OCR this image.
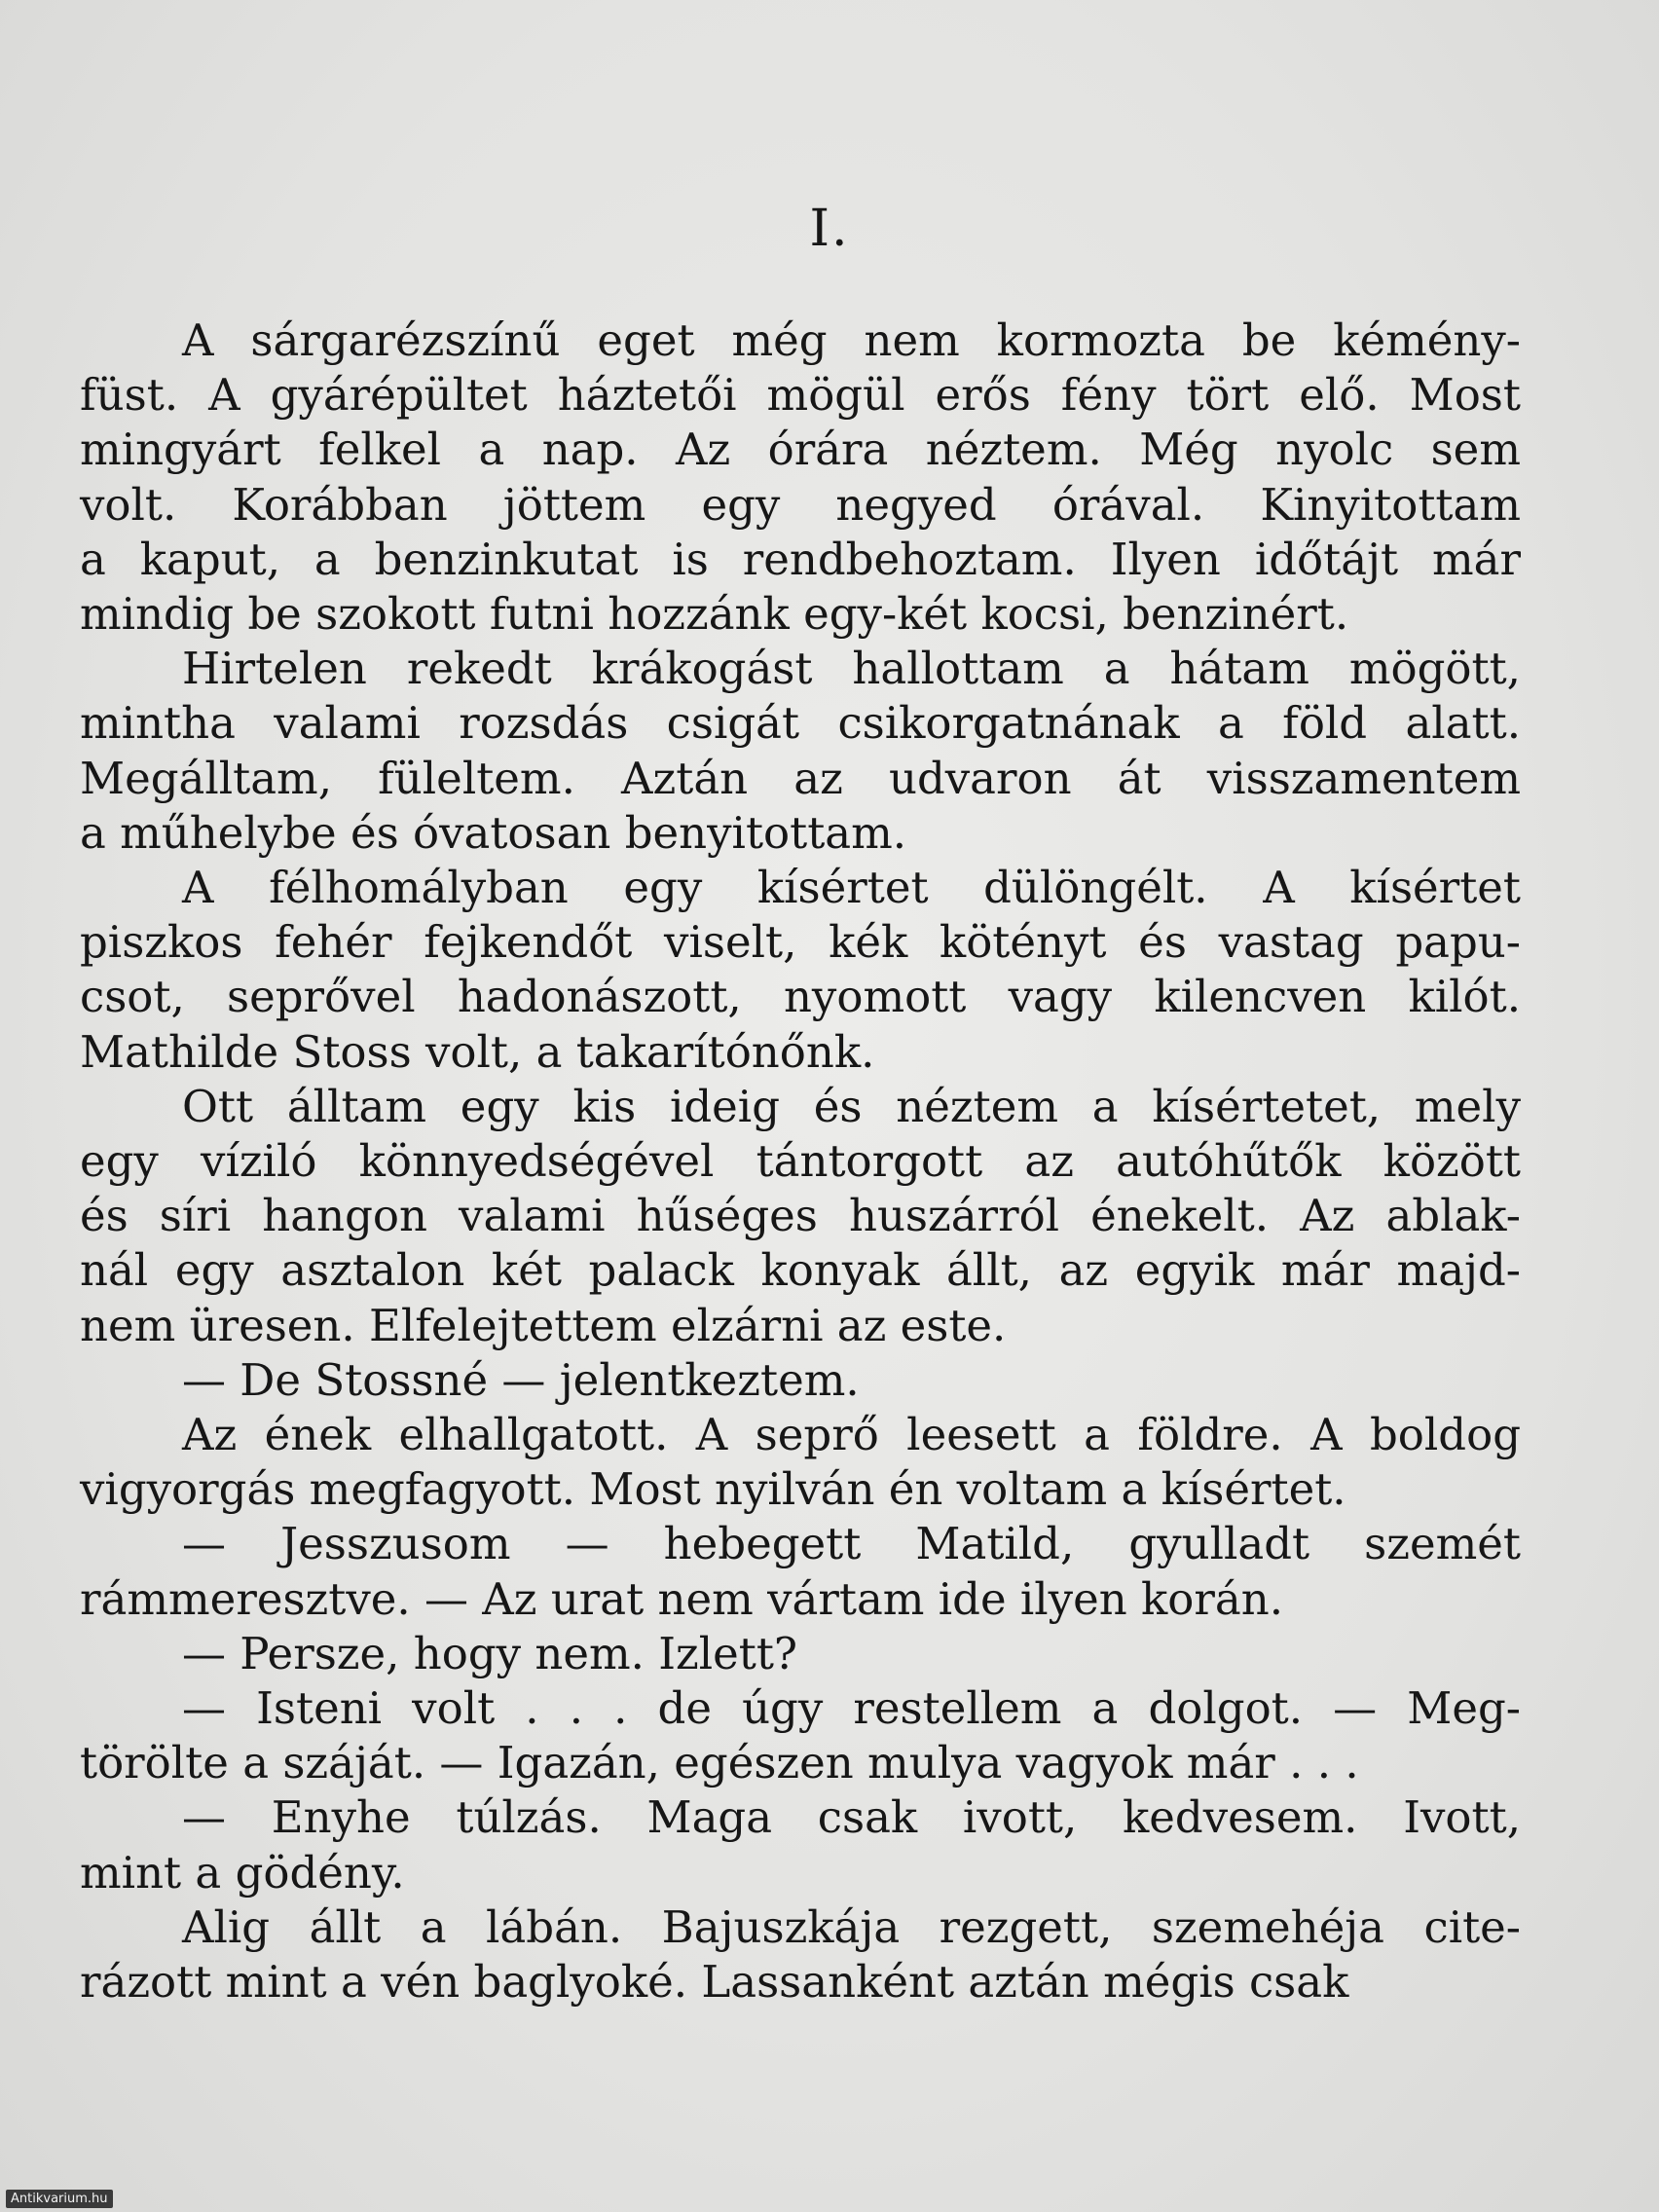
I.
A sárgarézszínű eget még nem kormozta be kémény-
füst. A gyárépültet háztetői mögül erős fény tört elő. Most
mingyárt felkel a nap. Az órára néztem. Még nyolc sem
volt. Korábban jöttem egy negyed órával. Kinyitottam
a kaput, a benzinkutat is rendbehoztam. Ilyen időtájt már
mindig be szokott futni hozzánk egy-két kocsi, benzinért.
Hirtelen rekedt krákogást hallottam a hátam mögött,
mintha valami rozsdás csigát csikorgatnának a föld alatt.
Megálltam, füleltem. Aztán az udvaron át visszamentem
a műhelybe és óvatosan benyitottam.
A félhomályban egy kísértet dülöngélt. A kísértet
piszkos fehér fejkendőt viselt, kék kötényt és vastag papu-
csot, seprővel hadonászott, nyomott vagy kilencven kilót.
Mathilde Stoss volt, a takarítónőnk.
Ott álltam egy kis ideig és néztem a kísértetet, mely
egy víziló könnyedségével tántorgott az autóhűtők között
és síri hangon valami hűséges huszárról énekelt. Az ablak-
nál egy asztalon két palack konyak állt, az egyik már majd-
nem üresen. Elfelejtettem elzárni az este.
— De Stossné — jelentkeztem.
Az ének elhallgatott. A seprő leesett a földre. A boldog
vigyorgás megfagyott. Most nyilván én voltam a kísértet.
— Jesszusom — hebegett Matild, gyulladt szemét
rámmeresztve. — Az urat nem vártam ide ilyen korán.
— Persze, hogy nem. Izlett?
— Isteni volt . . . de úgy restellem a dolgot. — Meg-
törölte a száját. — Igazán, egészen mulya vagyok már . . .
— Enyhe túlzás. Maga csak ivott, kedvesem. Ivott,
mint a gödény.
Alig állt a lábán. Bajuszkája rezgett, szemehéja cite-
rázott mint a vén baglyoké. Lassanként aztán mégis csak
Antikvarium.hu
